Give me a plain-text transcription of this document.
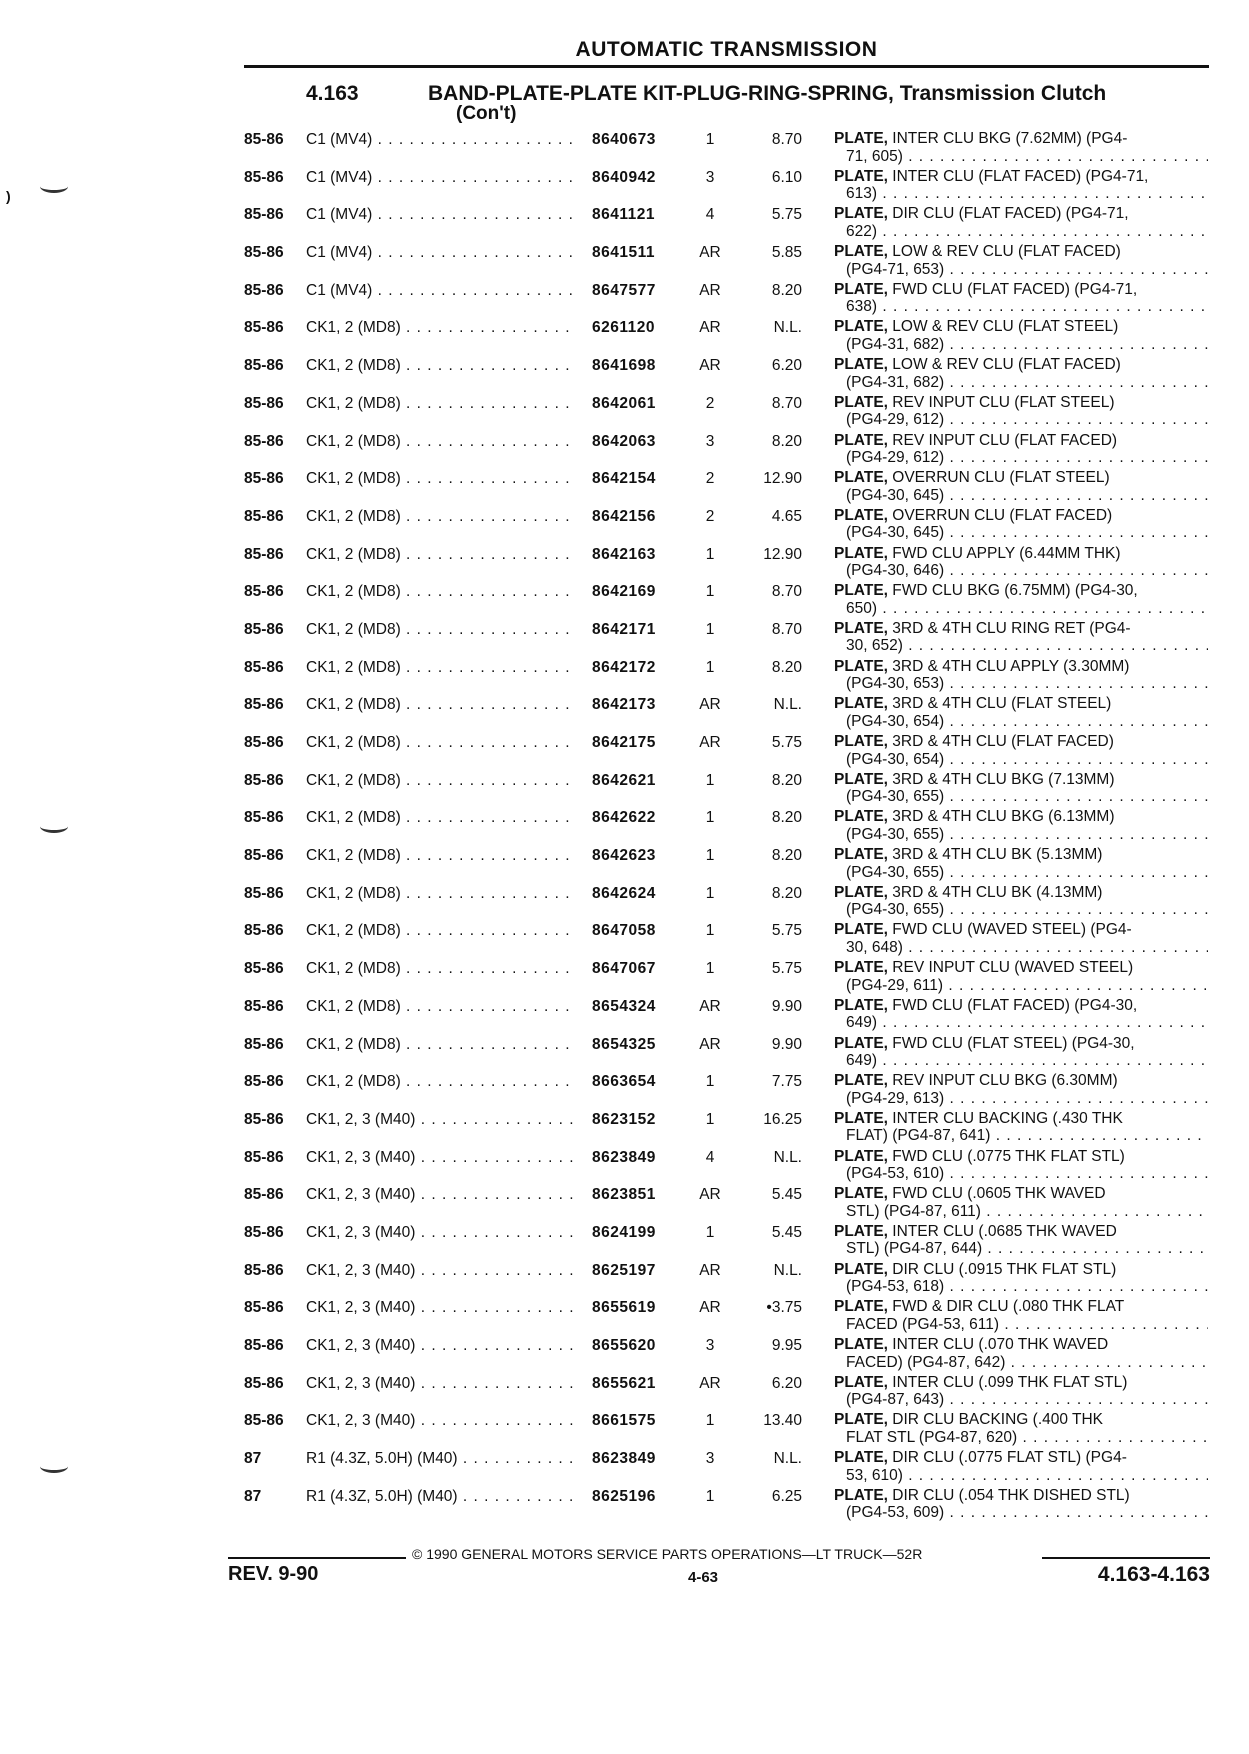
AUTOMATIC TRANSMISSION
4.163	BAND-PLATE-PLATE KIT-PLUG-RING-SPRING, Transmission Clutch
(Con't)
85-86 C1 (MV4) . . .	8640673	1	8.70 PLATE, INTER CLU BKG (7.62MM) (PG4-
71, 605) . . .
85-86 C1 (MV4) . . .	8640942	3	6.10 PLATE, INTER CLU (FLAT FACED) (PG4-71,
613) . . .
85-86 C1 (MV4) . . .	8641121	4	5.75 PLATE, DIR CLU (FLAT FACED) (PG4-71,
622) . . .
85-86 C1 (MV4) . . .	8641511	AR	5.85 PLATE, LOW & REV CLU (FLAT FACED)
(PG4-71, 653) . . .
85-86 C1 (MV4) . . .	8647577	AR	8.20 PLATE, FWD CLU (FLAT FACED) (PG4-71,
638) . . .
85-86 CK1, 2 (MD8) . . .	6261120	AR	N.L. PLATE, LOW & REV CLU (FLAT STEEL)
(PG4-31, 682) . . .
85-86 CK1, 2 (MD8) . . .	8641698	AR	6.20 PLATE, LOW & REV CLU (FLAT FACED)
(PG4-31, 682) . . .
85-86 CK1, 2 (MD8) . . .	8642061	2	8.70 PLATE, REV INPUT CLU (FLAT STEEL)
(PG4-29, 612) . . .
85-86 CK1, 2 (MD8) . . .	8642063	3	8.20 PLATE, REV INPUT CLU (FLAT FACED)
(PG4-29, 612) . . .
85-86 CK1, 2 (MD8) . . .	8642154	2	12.90 PLATE, OVERRUN CLU (FLAT STEEL)
(PG4-30, 645) . . .
85-86 CK1, 2 (MD8) . . .	8642156	2	4.65 PLATE, OVERRUN CLU (FLAT FACED)
(PG4-30, 645) . . .
85-86 CK1, 2 (MD8) . . .	8642163	1	12.90 PLATE, FWD CLU APPLY (6.44MM THK)
(PG4-30, 646) . . .
85-86 CK1, 2 (MD8) . . .	8642169	1	8.70 PLATE, FWD CLU BKG (6.75MM) (PG4-30,
650) . . .
85-86 CK1, 2 (MD8) . . .	8642171	1	8.70 PLATE, 3RD & 4TH CLU RING RET (PG4-
30, 652) . . .
85-86 CK1, 2 (MD8) . . .	8642172	1	8.20 PLATE, 3RD & 4TH CLU APPLY (3.30MM)
(PG4-30, 653) . . .
85-86 CK1, 2 (MD8) . . .	8642173	AR	N.L. PLATE, 3RD & 4TH CLU (FLAT STEEL)
(PG4-30, 654) . . .
85-86 CK1, 2 (MD8) . . .	8642175	AR	5.75 PLATE, 3RD & 4TH CLU (FLAT FACED)
(PG4-30, 654) . . .
85-86 CK1, 2 (MD8) . . .	8642621	1	8.20 PLATE, 3RD & 4TH CLU BKG (7.13MM)
(PG4-30, 655) . . .
85-86 CK1, 2 (MD8) . . .	8642622	1	8.20 PLATE, 3RD & 4TH CLU BKG (6.13MM)
(PG4-30, 655) . . .
85-86 CK1, 2 (MD8) . . .	8642623	1	8.20 PLATE, 3RD & 4TH CLU BK (5.13MM)
(PG4-30, 655) . . .
85-86 CK1, 2 (MD8) . . .	8642624	1	8.20 PLATE, 3RD & 4TH CLU BK (4.13MM)
(PG4-30, 655) . . .
85-86 CK1, 2 (MD8) . . .	8647058	1	5.75 PLATE, FWD CLU (WAVED STEEL) (PG4-
30, 648) . . .
85-86 CK1, 2 (MD8) . . .	8647067	1	5.75 PLATE, REV INPUT CLU (WAVED STEEL)
(PG4-29, 611) . . .
85-86 CK1, 2 (MD8) . . .	8654324	AR	9.90 PLATE, FWD CLU (FLAT FACED) (PG4-30,
649) . . .
85-86 CK1, 2 (MD8) . . .	8654325	AR	9.90 PLATE, FWD CLU (FLAT STEEL) (PG4-30,
649) . . .
85-86 CK1, 2 (MD8) . . .	8663654	1	7.75 PLATE, REV INPUT CLU BKG (6.30MM)
(PG4-29, 613) . . .
85-86 CK1, 2, 3 (M40) . . .	8623152	1	16.25 PLATE, INTER CLU BACKING (.430 THK
FLAT) (PG4-87, 641) . . .
85-86 CK1, 2, 3 (M40) . . .	8623849	4	N.L. PLATE, FWD CLU (.0775 THK FLAT STL)
(PG4-53, 610) . . .
85-86 CK1, 2, 3 (M40) . . .	8623851	AR	5.45 PLATE, FWD CLU (.0605 THK WAVED
STL) (PG4-87, 611) . . .
85-86 CK1, 2, 3 (M40) . . .	8624199	1	5.45 PLATE, INTER CLU (.0685 THK WAVED
STL) (PG4-87, 644) . . .
85-86 CK1, 2, 3 (M40) . . .	8625197	AR	N.L. PLATE, DIR CLU (.0915 THK FLAT STL)
(PG4-53, 618) . . .
85-86 CK1, 2, 3 (M40) . . .	8655619	AR	•3.75 PLATE, FWD & DIR CLU (.080 THK FLAT
FACED (PG4-53, 611) . . .
85-86 CK1, 2, 3 (M40) . . .	8655620	3	9.95 PLATE, INTER CLU (.070 THK WAVED
FACED) (PG4-87, 642) . . .
85-86 CK1, 2, 3 (M40) . . .	8655621	AR	6.20 PLATE, INTER CLU (.099 THK FLAT STL)
(PG4-87, 643) . . .
85-86 CK1, 2, 3 (M40) . . .	8661575	1	13.40 PLATE, DIR CLU BACKING (.400 THK
FLAT STL (PG4-87, 620) . . .
87	R1 (4.3Z, 5.0H) (M40) . . .	8623849	3	N.L. PLATE, DIR CLU (.0775 FLAT STL) (PG4-
53, 610) . . .
87	R1 (4.3Z, 5.0H) (M40) . . .	8625196	1	6.25 PLATE, DIR CLU (.054 THK DISHED STL)
(PG4-53, 609) . . .
)
© 1990 GENERAL MOTORS SERVICE PARTS OPERATIONS—LT TRUCK—52R
REV. 9-90	4-63	4.163-4.163
